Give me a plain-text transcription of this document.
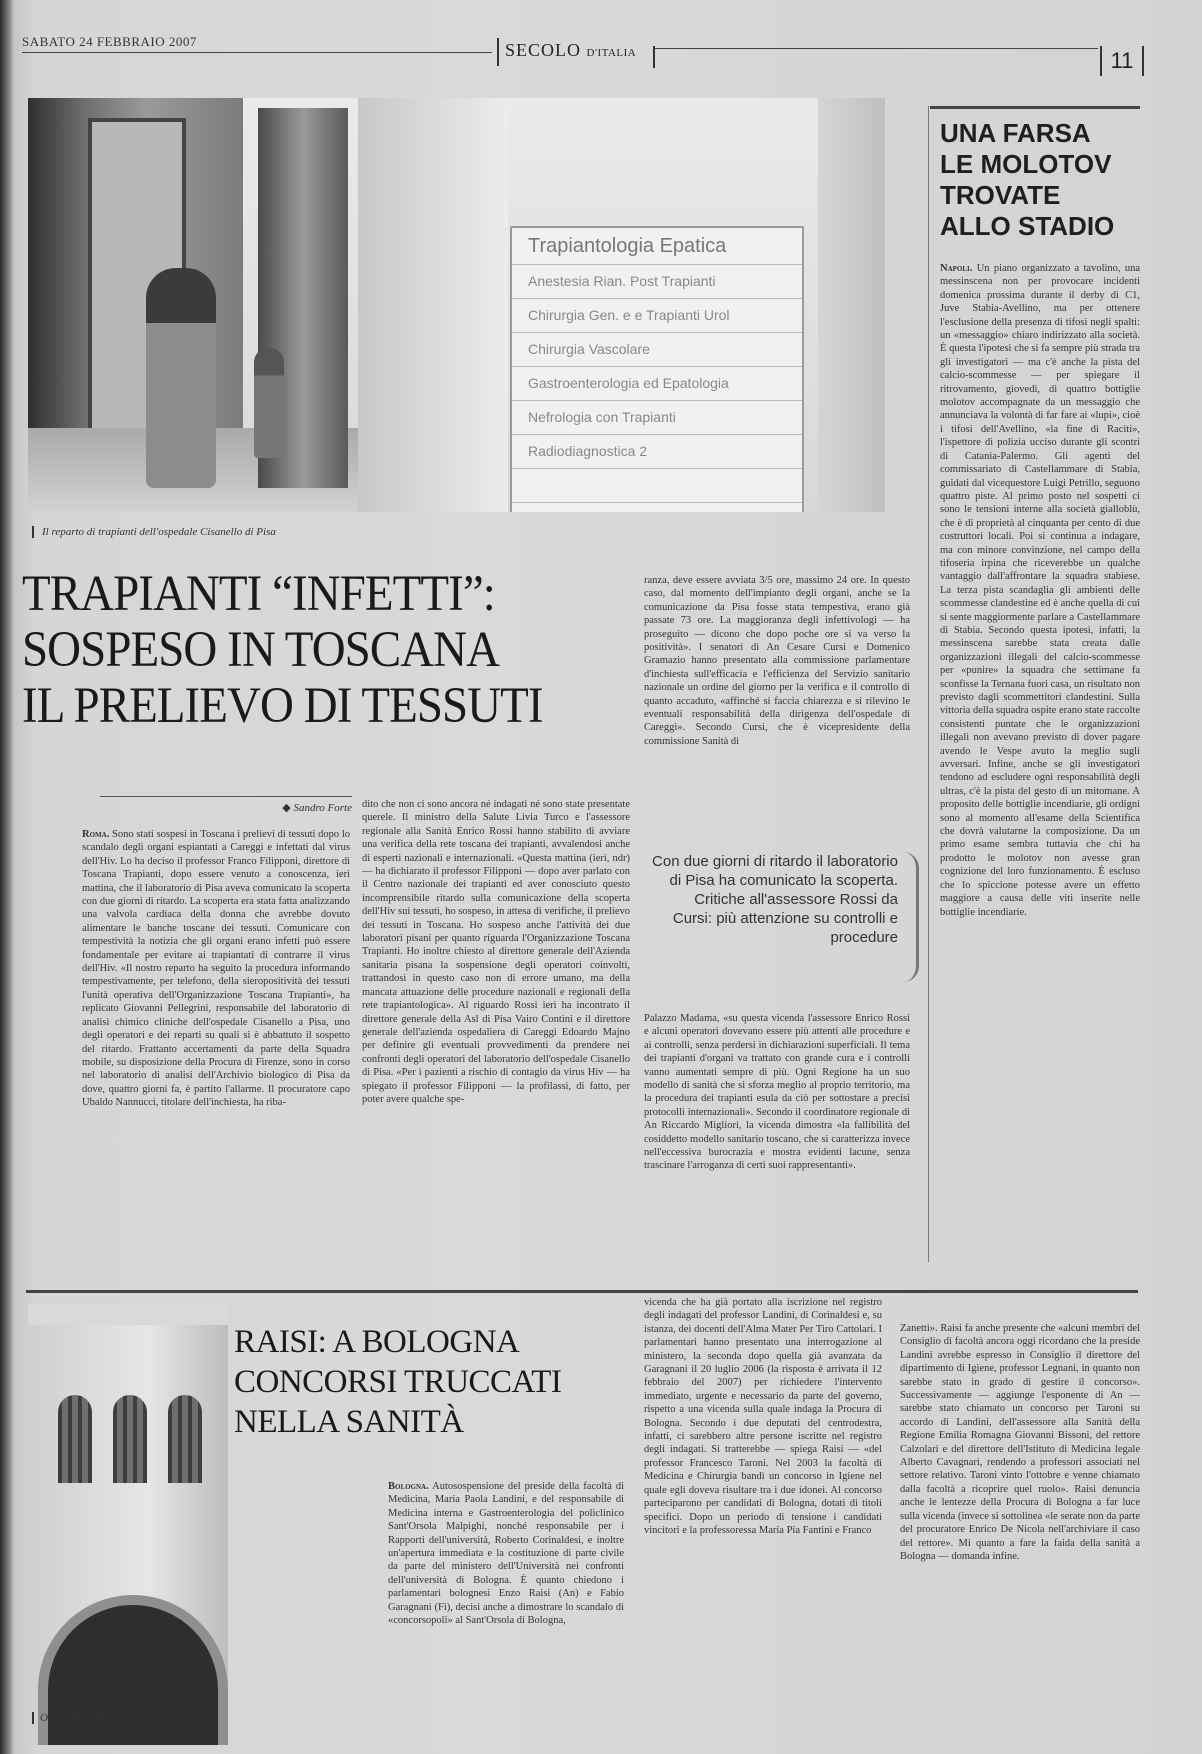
SABATO 24 FEBBRAIO 2007	SECOLO D'ITALIA	11
Trapiantologia Epatica
Anestesia Rian. Post Trapianti
Chirurgia Gen. e e Trapianti Urol
Chirurgia Vascolare
Gastroenterologia ed Epatologia
Nefrologia con Trapianti
Radiodiagnostica 2
Il reparto di trapianti dell'ospedale Cisanello di Pisa
TRAPIANTI “INFETTI”:
SOSPESO IN TOSCANA
IL PRELIEVO DI TESSUTI
◆ Sandro Forte
Roma. Sono stati sospesi in Toscana i prelievi di tessuti dopo lo scandalo degli organi espiantati a Careggi e infettati dal virus dell'Hiv. Lo ha deciso il professor Franco Filipponi, direttore di Toscana Trapianti, dopo essere venuto a conoscenza, ieri mattina, che il laboratorio di Pisa aveva comunicato la scoperta con due giorni di ritardo. La scoperta era stata fatta analizzando una valvola cardiaca della donna che avrebbe dovuto alimentare le banche toscane dei tessuti. Comunicare con tempestività la notizia che gli organi erano infetti può essere fondamentale per evitare ai trapiantati di contrarre il virus dell'Hiv. «Il nostro reparto ha seguito la procedura informando tempestivamente, per telefono, della sieropositività dei tessuti l'unità operativa dell'Organizzazione Toscana Trapianti», ha replicato Giovanni Pellegrini, responsabile del laboratorio di analisi chimico cliniche dell'ospedale Cisanello a Pisa, uno degli operatori e dei reparti su quali si è abbattuto il sospetto del ritardo. Frattanto accertamenti da parte della Squadra mobile, su disposizione della Procura di Firenze, sono in corso nel laboratorio di analisi dell'Archivio biologico di Pisa da dove, quattro giorni fa, è partito l'allarme. Il procuratore capo Ubaldo Nannucci, titolare dell'inchiesta, ha riba-
dito che non ci sono ancora né indagati né sono state presentate querele. Il ministro della Salute Livia Turco e l'assessore regionale alla Sanità Enrico Rossi hanno stabilito di avviare una verifica della rete toscana dei trapianti, avvalendosi anche di esperti nazionali e internazionali. «Questa mattina (ieri, ndr) — ha dichiarato il professor Filipponi — dopo aver parlato con il Centro nazionale dei trapianti ed aver conosciuto questo incomprensibile ritardo sulla comunicazione della scoperta dell'Hiv sui tessuti, ho sospeso, in attesa di verifiche, il prelievo dei tessuti in Toscana. Ho sospeso anche l'attività dei due laboratori pisani per quanto riguarda l'Organizzazione Toscana Trapianti. Ho inoltre chiesto al direttore generale dell'Azienda sanitaria pisana la sospensione degli operatori coinvolti, trattandosi in questo caso non di errore umano, ma della mancata attuazione delle procedure nazionali e regionali della rete trapiantologica». Al riguardo Rossi ieri ha incontrato il direttore generale della Asl di Pisa Vairo Contini e il direttore generale dell'azienda ospedaliera di Careggi Edoardo Majno per definire gli eventuali provvedimenti da prendere nei confronti degli operatori del laboratorio dell'ospedale Cisanello di Pisa. «Per i pazienti a rischio di contagio da virus Hiv — ha spiegato il professor Filipponi — la profilassi, di fatto, per poter avere qualche spe-
ranza, deve essere avviata 3/5 ore, massimo 24 ore. In questo caso, dal momento dell'impianto degli organi, anche se la comunicazione da Pisa fosse stata tempestiva, erano già passate 73 ore. La maggioranza degli infettivologi — ha proseguito — dicono che dopo poche ore si va verso la positività». I senatori di An Cesare Cursi e Domenico Gramazio hanno presentato alla commissione parlamentare d'inchiesta sull'efficacia e l'efficienza del Servizio sanitario nazionale un ordine del giorno per la verifica e il controllo di quanto accaduto, «affinché si faccia chiarezza e si rilevino le eventuali responsabilità della dirigenza dell'ospedale di Careggi». Secondo Cursi, che è vicepresidente della commissione Sanità di
Con due giorni di ritardo il laboratorio di Pisa ha comunicato la scoperta. Critiche all'assessore Rossi da Cursi: più attenzione su controlli e procedure
Palazzo Madama, «su questa vicenda l'assessore Enrico Rossi e alcuni operatori dovevano essere più attenti alle procedure e ai controlli, senza perdersi in dichiarazioni superficiali. Il tema dei trapianti d'organi va trattato con grande cura e i controlli vanno aumentati sempre di più. Ogni Regione ha un suo modello di sanità che si sforza meglio al proprio territorio, ma la procedura dei trapianti esula da ciò per sottostare a precisi protocolli internazionali». Secondo il coordinatore regionale di An Riccardo Migliori, la vicenda dimostra «la fallibilità del cosiddetto modello sanitario toscano, che si caratterizza invece nell'eccessiva burocrazia e mostra evidenti lacune, senza trascinare l'arroganza di certi suoi rappresentanti».
UNA FARSA
LE MOLOTOV
TROVATE
ALLO STADIO
Napoli. Un piano organizzato a tavolino, una messinscena non per provocare incidenti domenica prossima durante il derby di C1, Juve Stabia-Avellino, ma per ottenere l'esclusione della presenza di tifosi negli spalti: un «messaggio» chiaro indirizzato alla società. È questa l'ipotesi che si fa sempre più strada tra gli investigatori — ma c'è anche la pista del calcio-scommesse — per spiegare il ritrovamento, giovedì, di quattro bottiglie molotov accompagnate da un messaggio che annunciava la volontà di far fare ai «lupi», cioè i tifosi dell'Avellino, «la fine di Raciti», l'ispettore di polizia ucciso durante gli scontri di Catania-Palermo. Gli agenti del commissariato di Castellammare di Stabia, guidati dal vicequestore Luigi Petrillo, seguono quattro piste. Al primo posto nel sospetti ci sono le tensioni interne alla società gialloblù, che è di proprietà al cinquanta per cento di due costruttori locali. Poi si continua a indagare, ma con minore convinzione, nel campo della tifoseria irpina che riceverebbe un qualche vantaggio dall'affrontare la squadra stabiese. La terza pista scandaglia gli ambienti delle scommesse clandestine ed è anche quella di cui si sente maggiormente parlare a Castellammare di Stabia. Secondo questa ipotesi, infatti, la messinscena sarebbe stata creata dalle organizzazioni illegali del calcio-scommesse per «punire» la squadra che settimane fa sconfisse la Ternana fuori casa, un risultato non previsto dagli scommettitori clandestini. Sulla vittoria della squadra ospite erano state raccolte consistenti puntate che le organizzazioni illegali non avevano previsto di dover pagare avendo le Vespe avuto la meglio sugli avversari. Infine, anche se gli investigatori tendono ad escludere ogni responsabilità degli ultras, c'è la pista del gesto di un mitomane. A proposito delle bottiglie incendiarie, gli ordigni sono al momento all'esame della Scientifica che dovrà valutarne la composizione. Da un primo esame sembra tuttavia che chi ha prodotto le molotov non avesse gran cognizione del loro funzionamento. È escluso che lo spiccione potesse avere un effetto maggiore a causa delle viti inserite nelle bottiglie incendiarie.
Ospedale Sant'Orsola
RAISI: A BOLOGNA
CONCORSI TRUCCATI
NELLA SANITÀ
Bologna. Autosospensione del preside della facoltà di Medicina, Maria Paola Landini, e del responsabile di Medicina interna e Gastroenterologia del policlinico Sant'Orsola Malpighi, nonché responsabile per i Rapporti dell'università, Roberto Corinaldesi, e inoltre un'apertura immediata e la costituzione di parte civile da parte del ministero dell'Università nei confronti dell'università di Bologna. È quanto chiedono i parlamentari bolognesi Enzo Raisi (An) e Fabio Garagnani (Fi), decisi anche a dimostrare lo scandalo di «concorsopoli» al Sant'Orsola di Bologna,
vicenda che ha già portato alla iscrizione nel registro degli indagati del professor Landini, di Corinaldesi e, su istanza, dei docenti dell'Alma Mater Per Tiro Cattolari. I parlamentari hanno presentato una interrogazione al ministero, la seconda dopo quella già avanzata da Garagnani il 20 luglio 2006 (la risposta è arrivata il 12 febbraio del 2007) per richiedere l'intervento immediato, urgente e necessario da parte del governo, rispetto a una vicenda sulla quale indaga la Procura di Bologna. Secondo i due deputati del centrodestra, infatti, ci sarebbero altre persone iscritte nel registro degli indagati. Si tratterebbe — spiega Raisi — «del professor Francesco Taroni. Nel 2003 la facoltà di Medicina e Chirurgia bandì un concorso in Igiene nel quale egli doveva risultare tra i due idonei. Al concorso parteciparono per candidati di Bologna, dotati di titoli specifici. Dopo un periodo di tensione i candidati vincitori e la professoressa Maria Pia Fantini e Franco
Zanetti». Raisi fa anche presente che «alcuni membri del Consiglio di facoltà ancora oggi ricordano che la preside Landini avrebbe espresso in Consiglio il direttore del dipartimento di Igiene, professor Legnani, in quanto non sarebbe stato in grado di gestire il concorso». Successivamente — aggiunge l'esponente di An — sarebbe stato chiamato un concorso per Taroni su accordo di Landini, dell'assessore alla Sanità della Regione Emilia Romagna Giovanni Bissoni, del rettore Calzolari e del direttore dell'Istituto di Medicina legale Alberto Cavagnari, rendendo a professori associati nel settore relativo. Taroni vinto l'ottobre e venne chiamato dalla facoltà a ricoprire quel ruolo». Raisi denuncia anche le lentezze della Procura di Bologna a far luce sulla vicenda (invece si sottolinea «le serate non da parte del procuratore Enrico De Nicola nell'archiviare il caso del rettore». Mi quanto a fare la faida della sanità a Bologna — domanda infine.
